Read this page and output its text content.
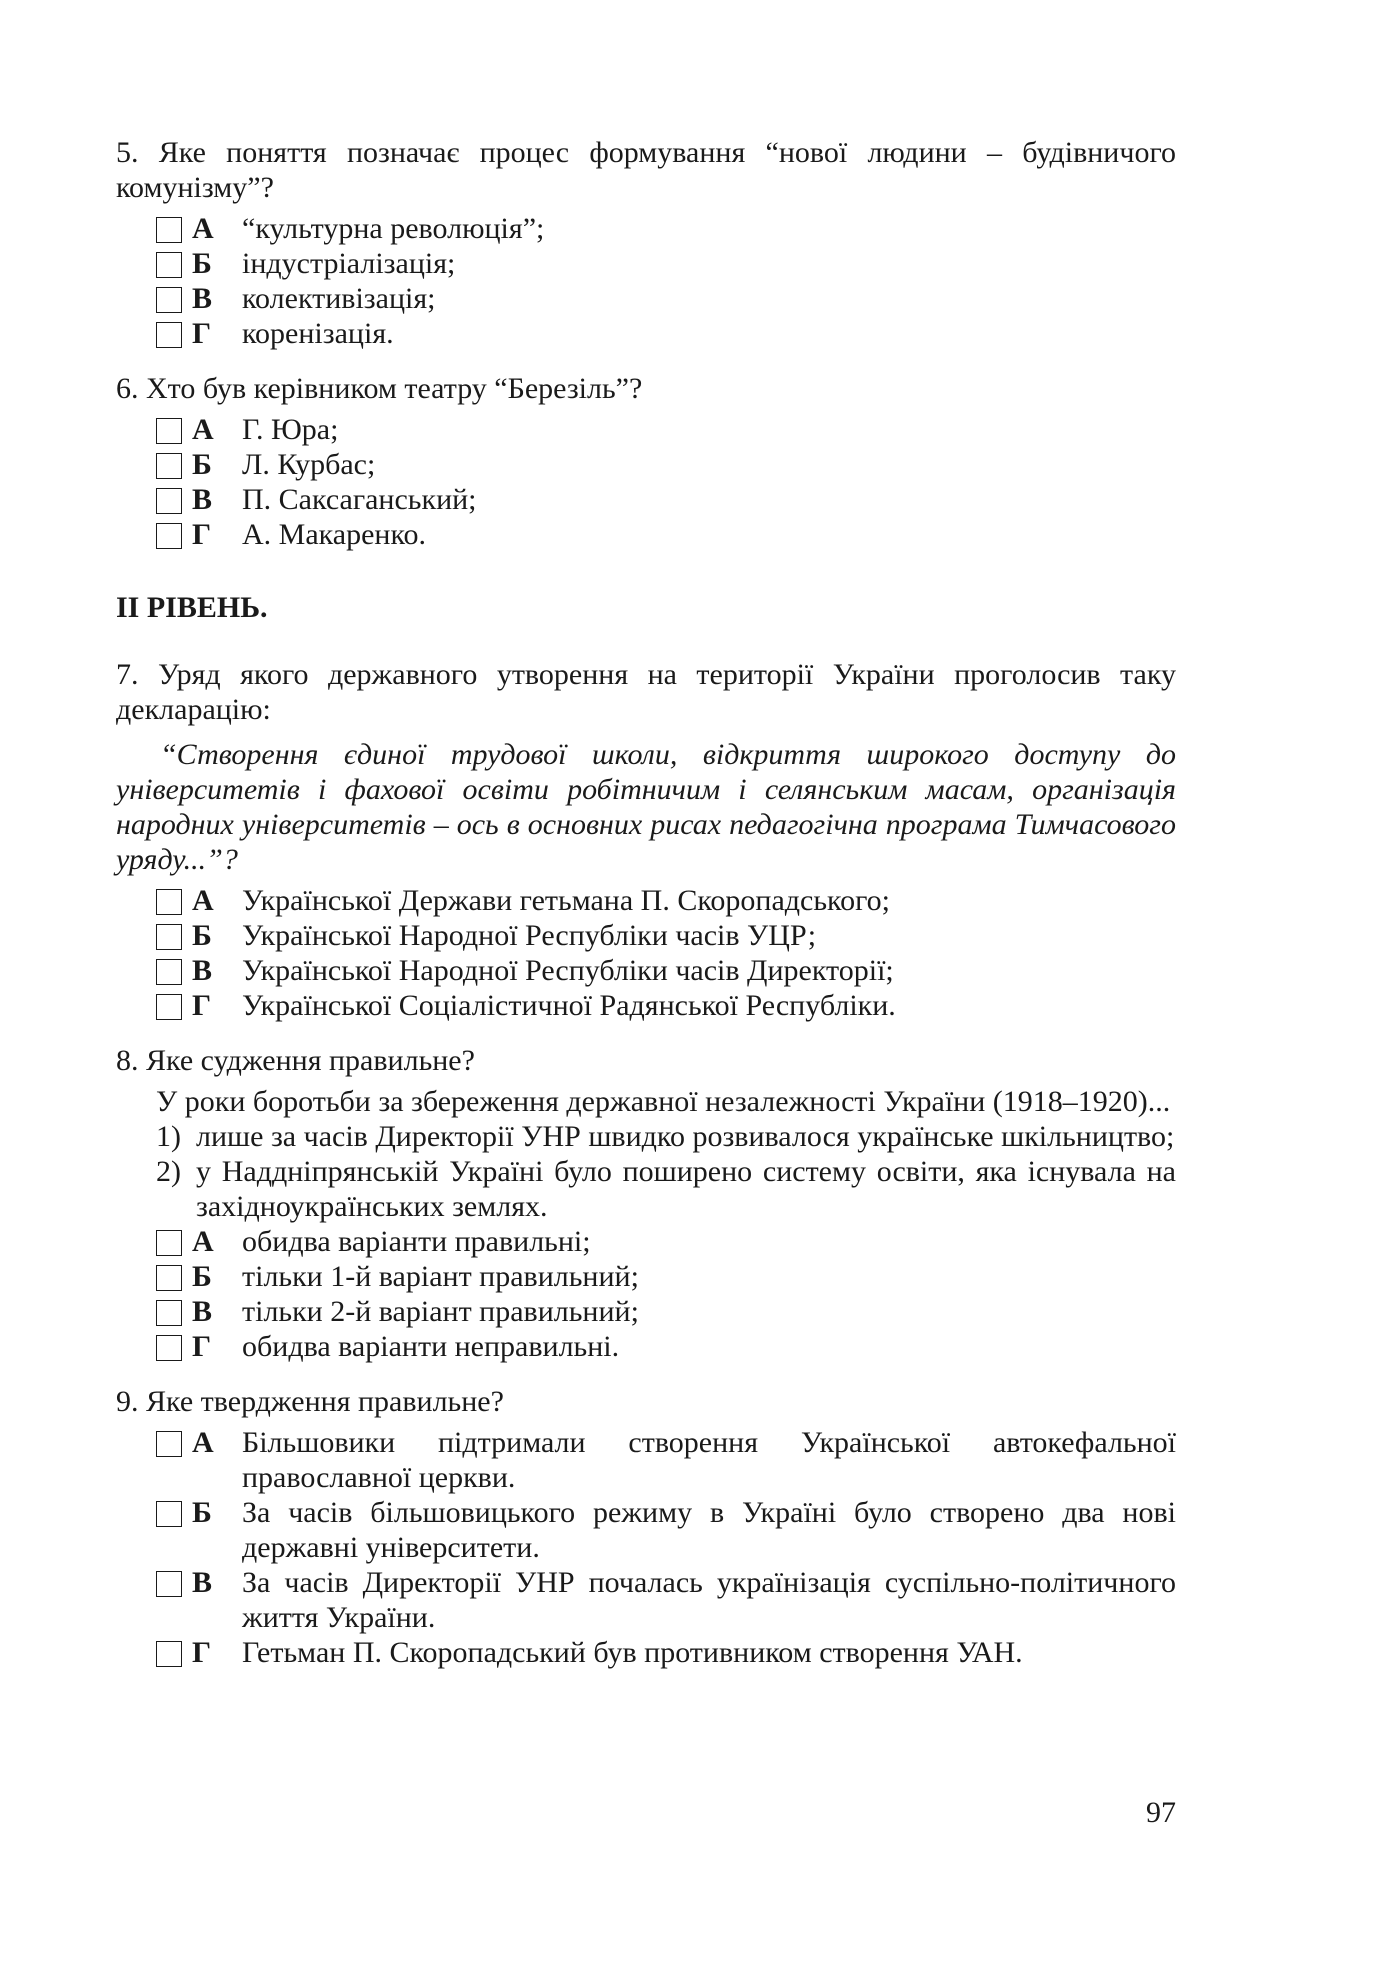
5. Яке поняття позначає процес формування “нової людини – будівничого комунізму”?
А “культурна революція”;
Б індустріалізація;
В колективізація;
Г коренізація.
6. Хто був керівником театру “Березіль”?
А Г. Юра;
Б Л. Курбас;
В П. Саксаганський;
Г А. Макаренко.
ІІ РІВЕНЬ.
7. Уряд якого державного утворення на території України проголосив таку декларацію:
“Створення єдиної трудової школи, відкриття широкого доступу до університетів і фахової освіти робітничим і селянським масам, організація народних університетів – ось в основних рисах педагогічна програма Тимчасового уряду...”?
А Української Держави гетьмана П. Скоропадського;
Б Української Народної Республіки часів УЦР;
В Української Народної Республіки часів Директорії;
Г Української Соціалістичної Радянської Республіки.
8. Яке судження правильне?
У роки боротьби за збереження державної незалежності України (1918–1920)...
1) лише за часів Директорії УНР швидко розвивалося українське шкільництво;
2) у Наддніпрянській Україні було поширено систему освіти, яка існувала на західноукраїнських землях.
А обидва варіанти правильні;
Б тільки 1-й варіант правильний;
В тільки 2-й варіант правильний;
Г обидва варіанти неправильні.
9. Яке твердження правильне?
А Більшовики підтримали створення Української автокефальної православної церкви.
Б За часів більшовицького режиму в Україні було створено два нові державні університети.
В За часів Директорії УНР почалась українізація суспільно-політичного життя України.
Г Гетьман П. Скоропадський був противником створення УАН.
97
